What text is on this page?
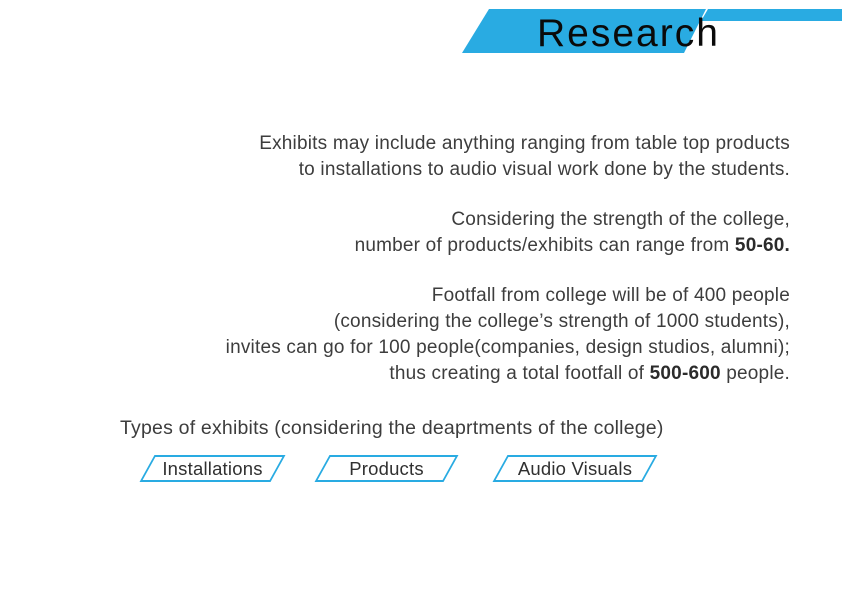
Research

Exhibits may include anything ranging from table top products
to installations to audio visual work done by the students.

Considering the strength of the college,
number of products/exhibits can range from 50-60.

Footfall from college will be of 400 people
(considering the college’s strength of 1000 students),
invites can go for 100 people(companies, design studios, alumni);
thus creating a total footfall of 500-600 people.

Types of exhibits (considering the deaprtments of the college)
Installations	Products	Audio Visuals
